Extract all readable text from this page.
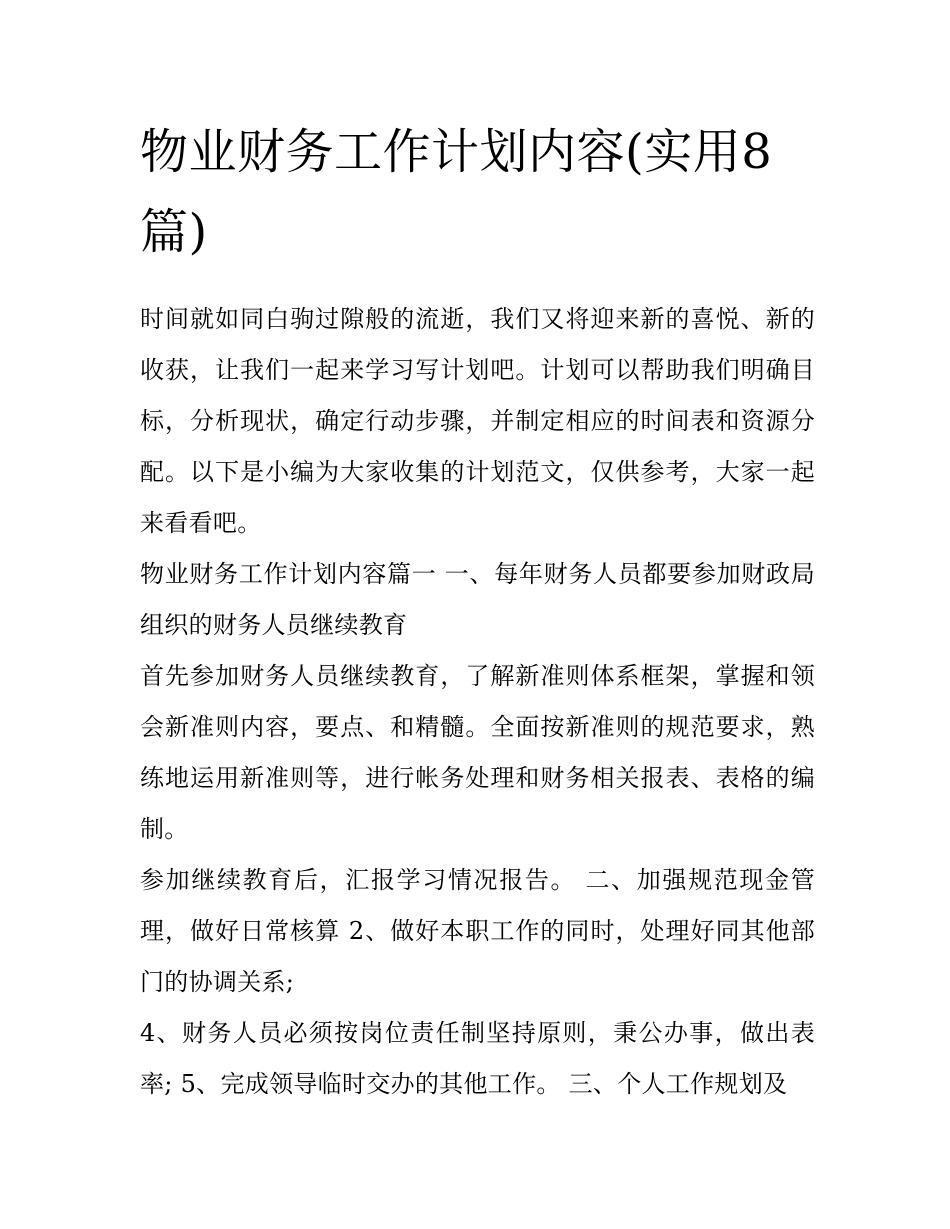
物业财务工作计划内容(实用8篇)

时间就如同白驹过隙般的流逝，我们又将迎来新的喜悦、新的收获，让我们一起来学习写计划吧。计划可以帮助我们明确目标，分析现状，确定行动步骤，并制定相应的时间表和资源分配。以下是小编为大家收集的计划范文，仅供参考，大家一起来看看吧。

物业财务工作计划内容篇一 一、每年财务人员都要参加财政局组织的财务人员继续教育

首先参加财务人员继续教育，了解新准则体系框架，掌握和领会新准则内容，要点、和精髓。全面按新准则的规范要求，熟练地运用新准则等，进行帐务处理和财务相关报表、表格的编制。

参加继续教育后，汇报学习情况报告。 二、加强规范现金管理，做好日常核算 2、做好本职工作的同时，处理好同其他部门的协调关系;

4、财务人员必须按岗位责任制坚持原则，秉公办事，做出表率; 5、完成领导临时交办的其他工作。 三、个人工作规划及
